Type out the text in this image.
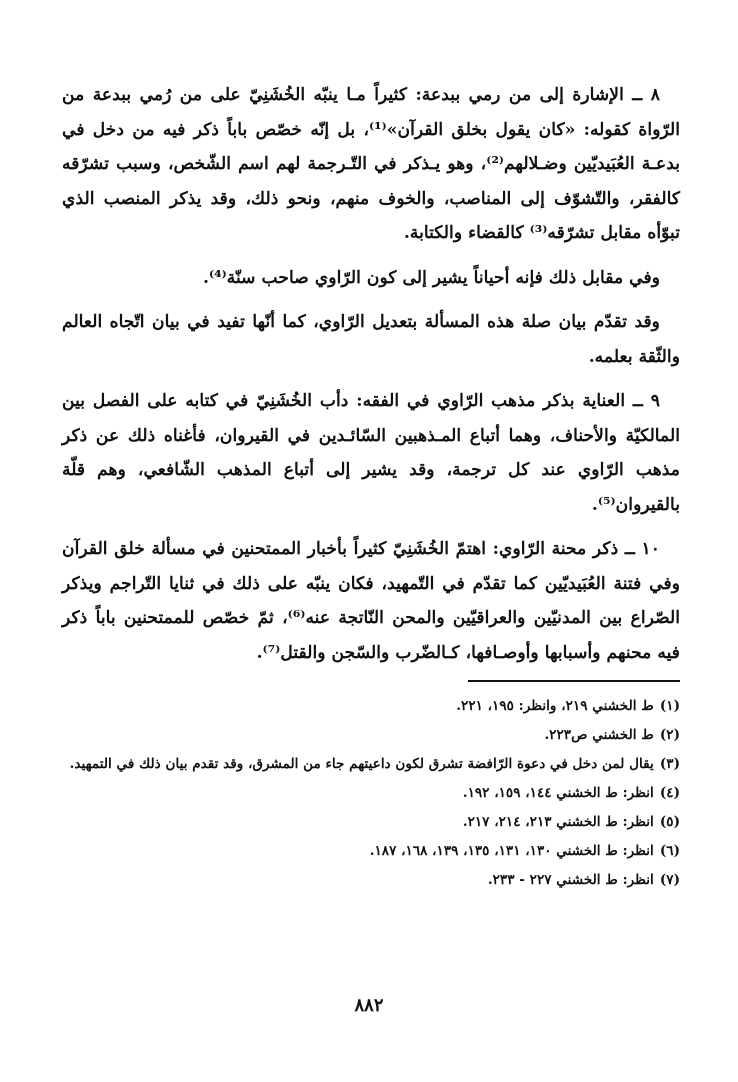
٨ ــ الإشارة إلى من رمي ببدعة: كثيراً مـا ينبّه الخُشَنِيّ على من رُمي ببدعة من الرّواة كقوله: «كان يقول بخلق القرآن»⁽¹⁾، بل إنّه خصّص باباً ذكر فيه من دخل في بدعـة العُبَيديّين وضـلالهم⁽²⁾، وهو يـذكر في التّـرجمة لهم اسم الشّخص، وسبب تشرّقه كالفقر، والتّشوّف إلى المناصب، والخوف منهم، ونحو ذلك، وقد يذكر المنصب الذي تبوّأه مقابل تشرّقه⁽³⁾ كالقضاء والكتابة.

وفي مقابل ذلك فإنه أحياناً يشير إلى كون الرّاوي صاحب سنّة⁽⁴⁾.

وقد تقدّم بيان صلة هذه المسألة بتعديل الرّاوي، كما أنّها تفيد في بيان اتّجاه العالم والثّقة بعلمه.

٩ ــ العناية بذكر مذهب الرّاوي في الفقه: دأب الخُشَنِيّ في كتابه على الفصل بين المالكيّة والأحناف، وهما أتباع المـذهبين السّائـدين في القيروان، فأغناه ذلك عن ذكر مذهب الرّاوي عند كل ترجمة، وقد يشير إلى أتباع المذهب الشّافعي، وهم قلّة بالقيروان⁽⁵⁾.

١٠ ــ ذكر محنة الرّاوي: اهتمّ الخُشَنِيّ كثيراً بأخبار الممتحنين في مسألة خلق القرآن وفي فتنة العُبَيديّين كما تقدّم في التّمهيد، فكان ينبّه على ذلك في ثنايا التّراجم ويذكر الصّراع بين المدنيّين والعراقيّين والمحن النّاتجة عنه⁽⁶⁾، ثمّ خصّص للممتحنين باباً ذكر فيه محنهم وأسبابها وأوصـافها، كـالضّرب والسّجن والقتل⁽⁷⁾.

(١)
ط الخشني ٢١٩، وانظر: ١٩٥، ٢٢١.
(٢)
ط الخشني ص٢٢٣.
(٣)
يقال لمن دخل في دعوة الرّافضة تشرق لكون داعيتهم جاء من المشرق، وقد تقدم بيان ذلك في التمهيد.
(٤)
انظر: ط الخشني ١٤٤، ١٥٩، ١٩٢.
(٥)
انظر: ط الخشني ٢١٣، ٢١٤، ٢١٧.
(٦)
انظر: ط الخشني ١٣٠، ١٣١، ١٣٥، ١٣٩، ١٦٨، ١٨٧.
(٧)
انظر: ط الخشني ٢٢٧ - ٢٣٣.
٨٨٢
